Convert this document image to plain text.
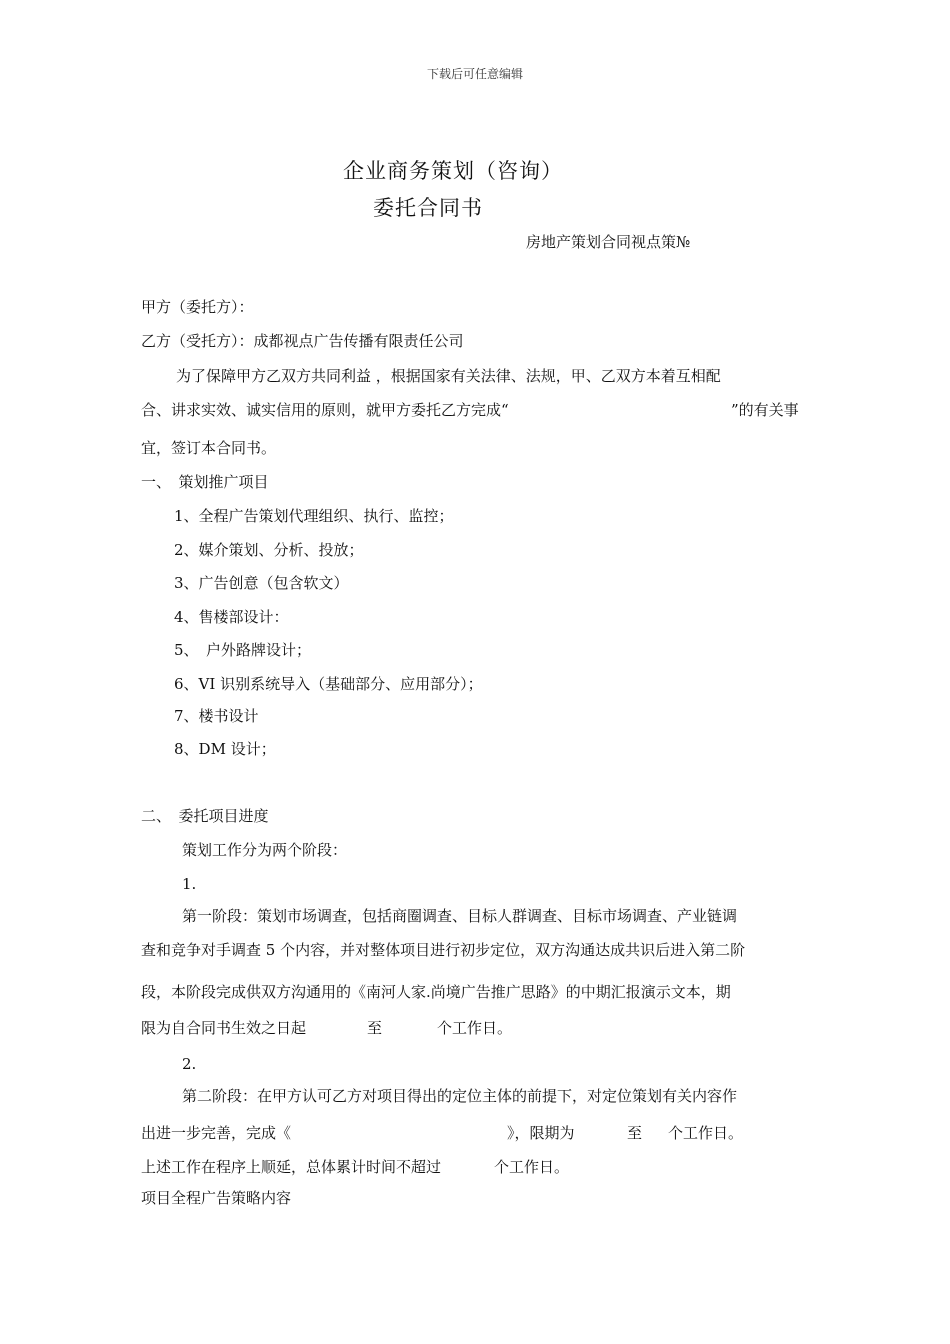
下载后可任意编辑
企业商务策划（咨询）
委托合同书
房地产策划合同视点策№
甲方（委托方）：
乙方（受托方）：成都视点广告传播有限责任公司
为了保障甲方乙双方共同利益 ，根据国家有关法律、法规，甲、乙双方本着互相配
合、讲求实效、诚实信用的原则，就甲方委托乙方完成“	”的有关事
宜，签订本合同书。
一、　策划推广项目
1、全程广告策划代理组织、执行、监控；
2、媒介策划、分析、投放；
3、广告创意（包含软文）
4、售楼部设计：
5、　户外路牌设计；
6、VI 识别系统导入（基础部分、应用部分）；
7、楼书设计
8、DM 设计；
二、　委托项目进度
策划工作分为两个阶段：
1.
第一阶段：策划市场调查，包括商圈调查、目标人群调查、目标市场调查、产业链调
查和竞争对手调查 5 个内容，并对整体项目进行初步定位，双方沟通达成共识后进入第二阶
段，本阶段完成供双方沟通用的《南河人家.尚境广告推广思路》的中期汇报演示文本，期
限为自合同书生效之日起	至	个工作日。
2.
第二阶段：在甲方认可乙方对项目得出的定位主体的前提下，对定位策划有关内容作
出进一步完善，完成《	》，限期为	至 个工作日。
上述工作在程序上顺延，总体累计时间不超过	个工作日。
项目全程广告策略内容
